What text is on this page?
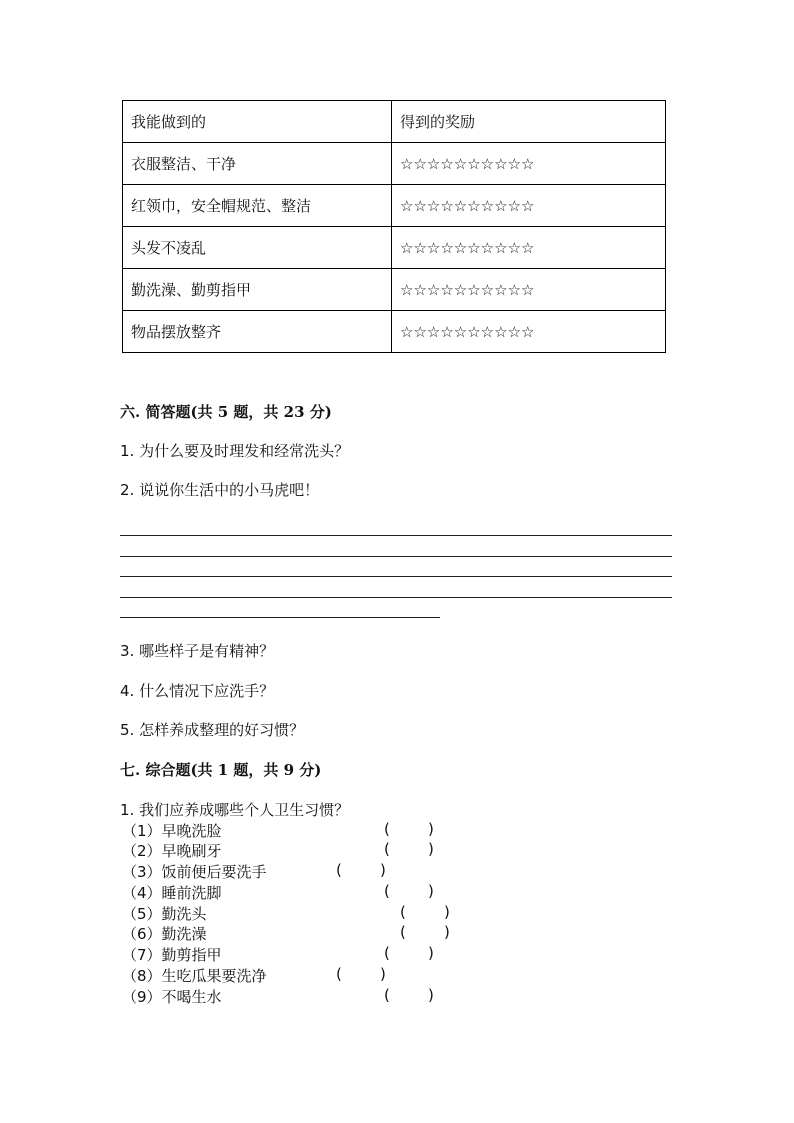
我能做到的	得到的奖励
衣服整洁、干净	☆☆☆☆☆☆☆☆☆☆
红领巾，安全帽规范、整洁	☆☆☆☆☆☆☆☆☆☆
头发不凌乱	☆☆☆☆☆☆☆☆☆☆
勤洗澡、勤剪指甲	☆☆☆☆☆☆☆☆☆☆
物品摆放整齐	☆☆☆☆☆☆☆☆☆☆
六. 简答题(共 5 题，共 23 分)
1. 为什么要及时理发和经常洗头？
2. 说说你生活中的小马虎吧！
3. 哪些样子是有精神？
4. 什么情况下应洗手？
5. 怎样养成整理的好习惯？
七. 综合题(共 1 题，共 9 分)
1. 我们应养成哪些个人卫生习惯？
（1）早晚洗脸	(        )
（2）早晚刷牙	(        )
（3）饭前便后要洗手	(        )
（4）睡前洗脚	(        )
（5）勤洗头	(        )
（6）勤洗澡	(        )
（7）勤剪指甲	(        )
（8）生吃瓜果要洗净	(        )
（9）不喝生水	(        )
